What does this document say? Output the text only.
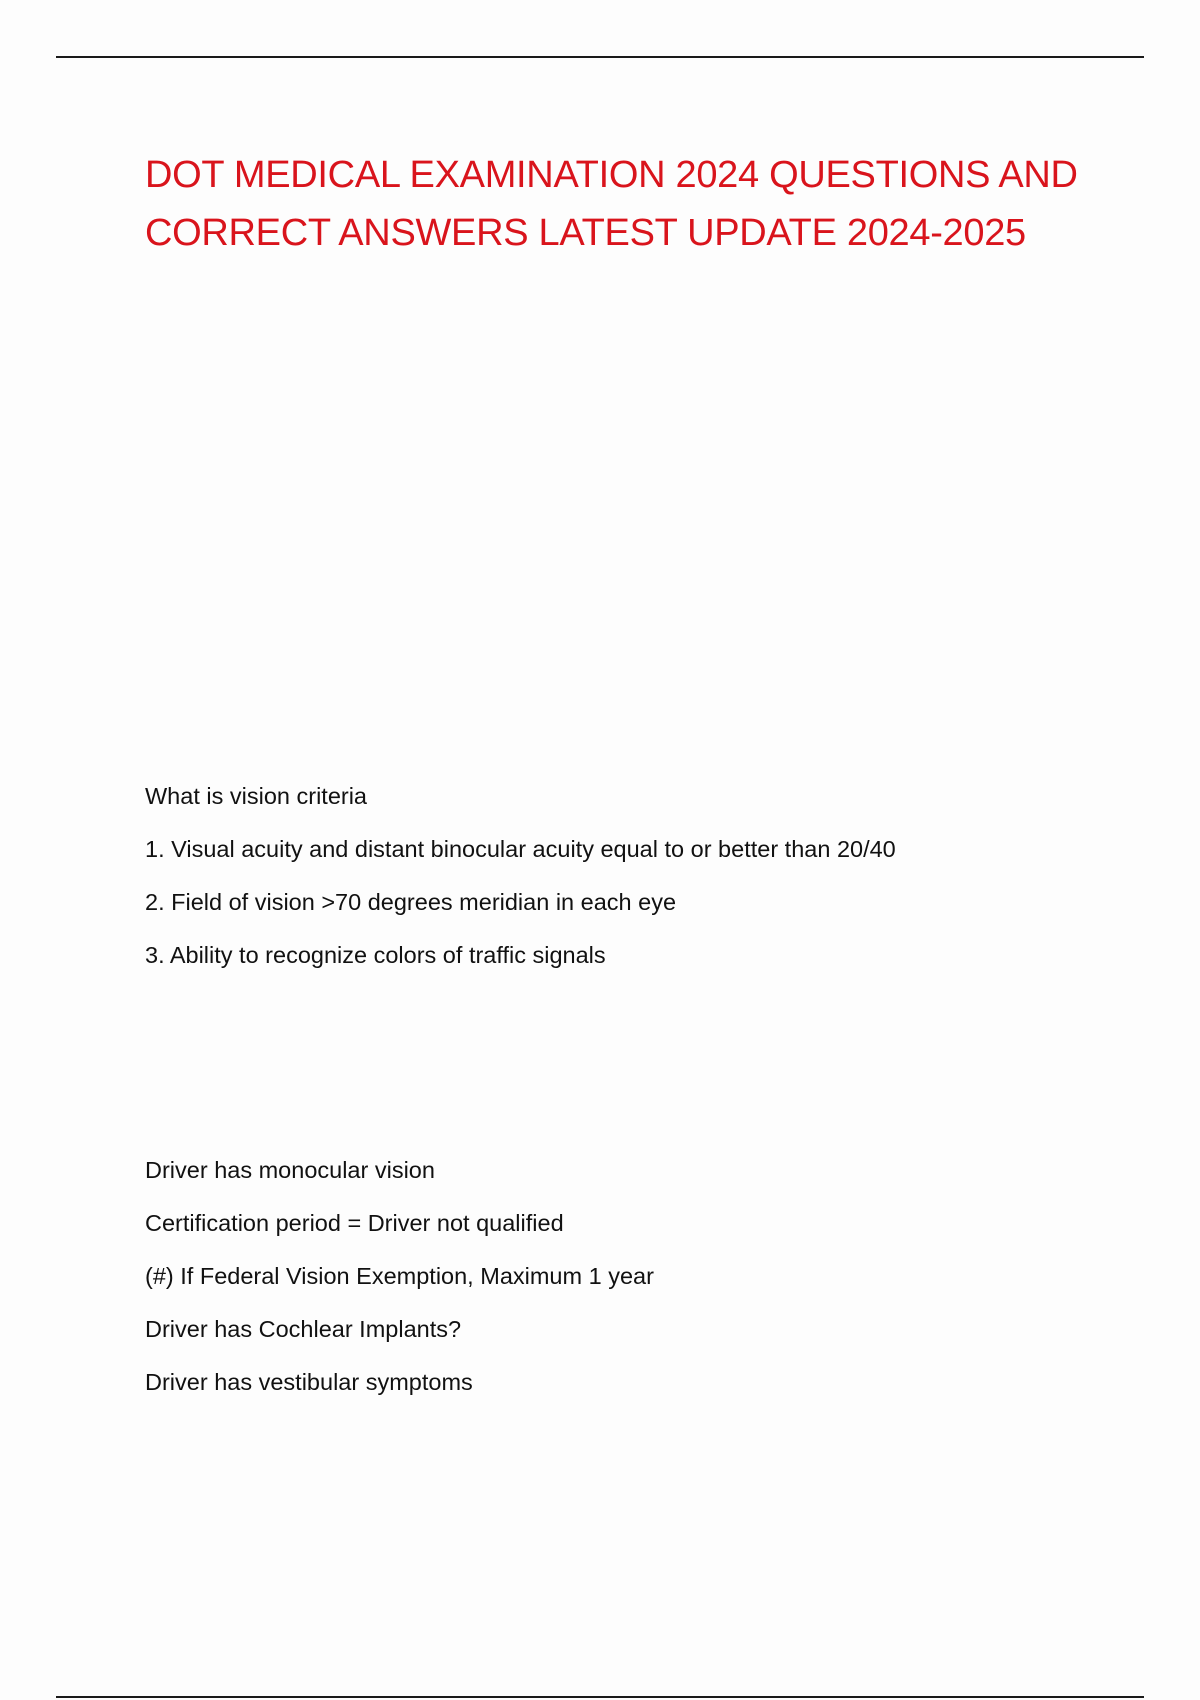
DOT MEDICAL EXAMINATION 2024 QUESTIONS AND
CORRECT ANSWERS LATEST UPDATE 2024-2025

What is vision criteria

1. Visual acuity and distant binocular acuity equal to or better than 20/40

2. Field of vision >70 degrees meridian in each eye

3. Ability to recognize colors of traffic signals

Driver has monocular vision

Certification period = Driver not qualified

(#) If Federal Vision Exemption, Maximum 1 year

Driver has Cochlear Implants?

Driver has vestibular symptoms
